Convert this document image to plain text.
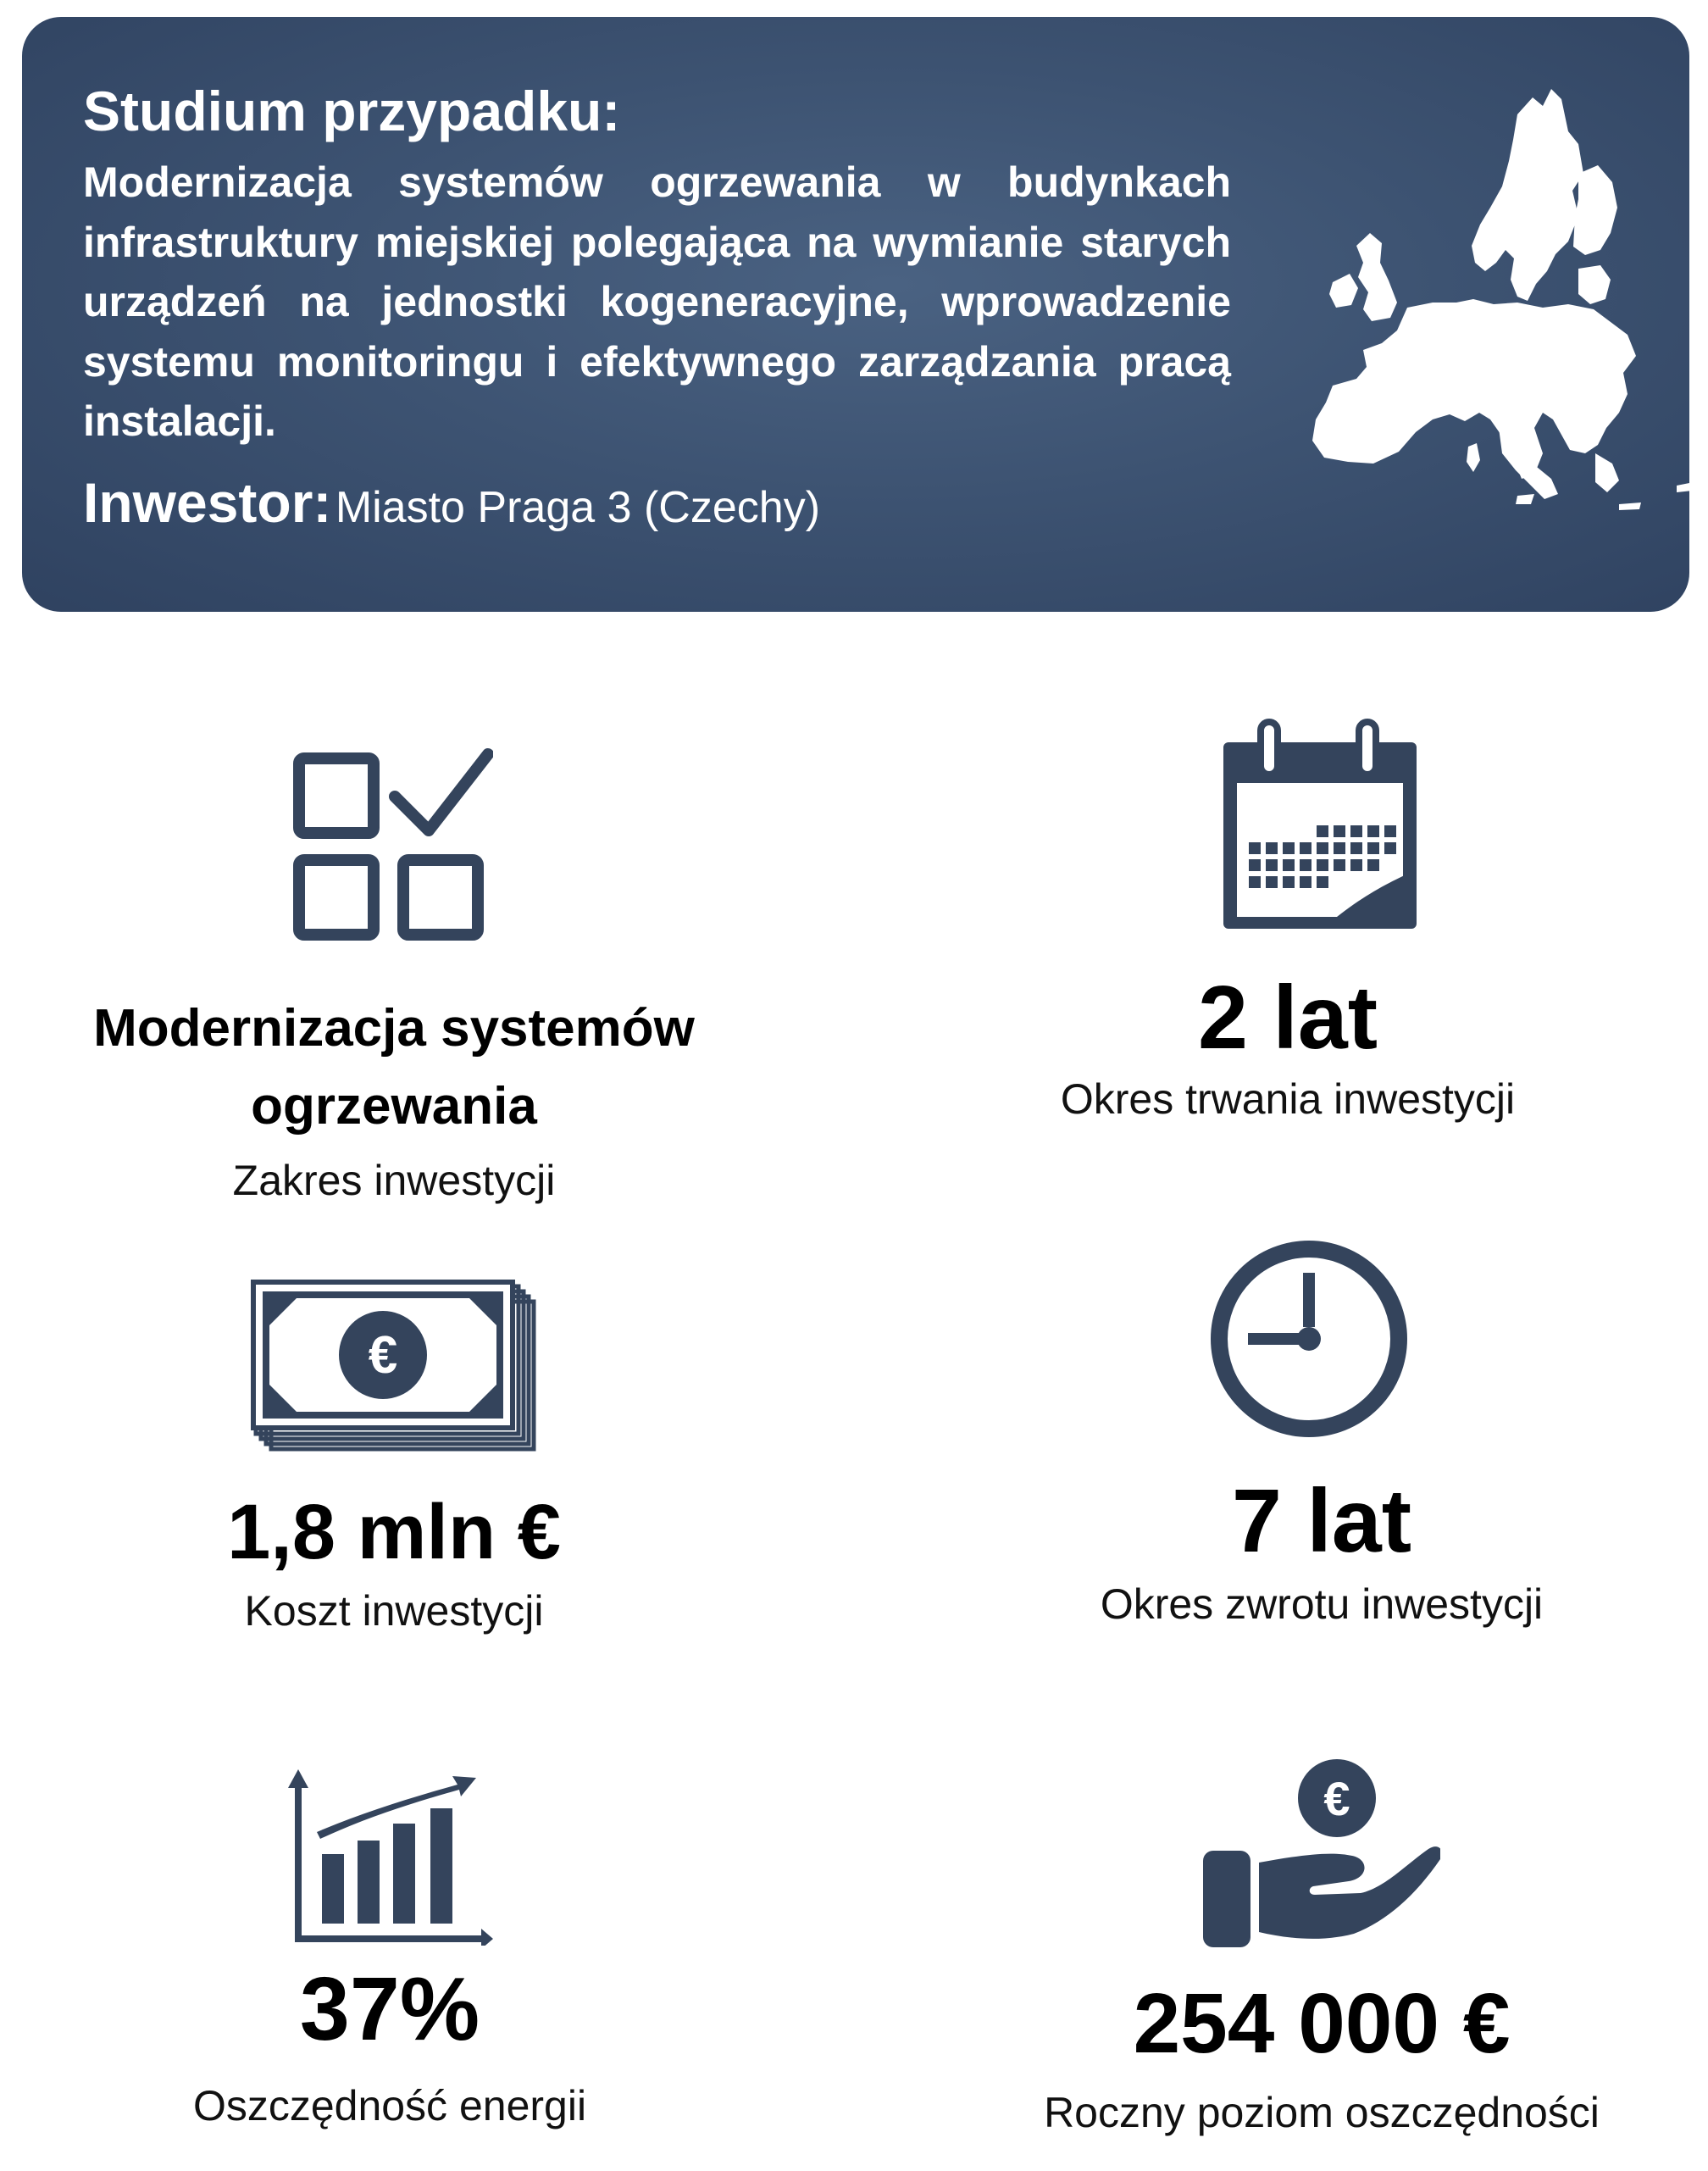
Studium przypadku:
Modernizacja systemów ogrzewania w budynkach infrastruktury miejskiej polegająca na wymianie starych urządzeń na jednostki kogeneracyjne, wprowadzenie systemu monitoringu i efektywnego zarządzania pracą instalacji.
Inwestor: Miasto Praga 3 (Czechy)
Modernizacja systemów
ogrzewania
Zakres inwestycji
2 lat
Okres trwania inwestycji
€
1,8 mln €
Koszt inwestycji
7 lat
Okres zwrotu inwestycji
37%
Oszczędność energii
€
254 000 €
Roczny poziom oszczędności
